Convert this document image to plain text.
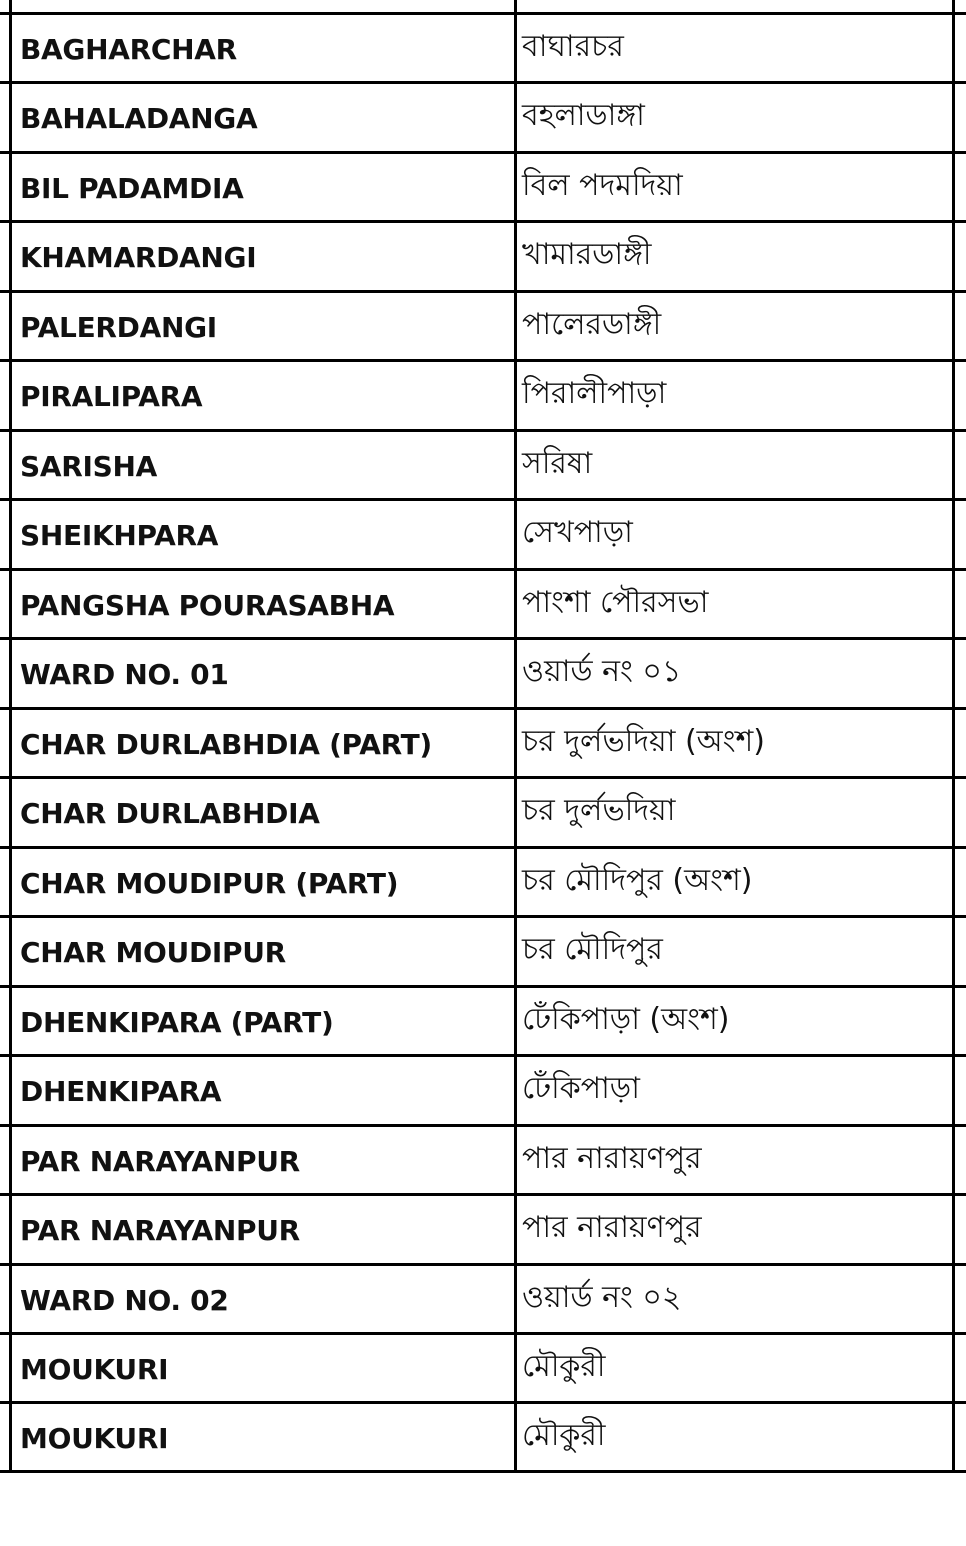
BAGHARCHAR	বাঘারচর
BAHALADANGA	বহলাডাঙ্গা
BIL PADAMDIA	বিল পদমদিয়া
KHAMARDANGI	খামারডাঙ্গী
PALERDANGI	পালেরডাঙ্গী
PIRALIPARA	পিরালীপাড়া
SARISHA	সরিষা
SHEIKHPARA	সেখপাড়া
PANGSHA POURASABHA	পাংশা পৌরসভা
WARD NO. 01	ওয়ার্ড নং ০১
CHAR DURLABHDIA (PART)	চর দুর্লভদিয়া (অংশ)
CHAR DURLABHDIA	চর দুর্লভদিয়া
CHAR MOUDIPUR (PART)	চর মৌদিপুর (অংশ)
CHAR MOUDIPUR	চর মৌদিপুর
DHENKIPARA (PART)	ঢেঁকিপাড়া (অংশ)
DHENKIPARA	ঢেঁকিপাড়া
PAR NARAYANPUR	পার নারায়ণপুর
PAR NARAYANPUR	পার নারায়ণপুর
WARD NO. 02	ওয়ার্ড নং ০২
MOUKURI	মৌকুরী
MOUKURI	মৌকুরী
